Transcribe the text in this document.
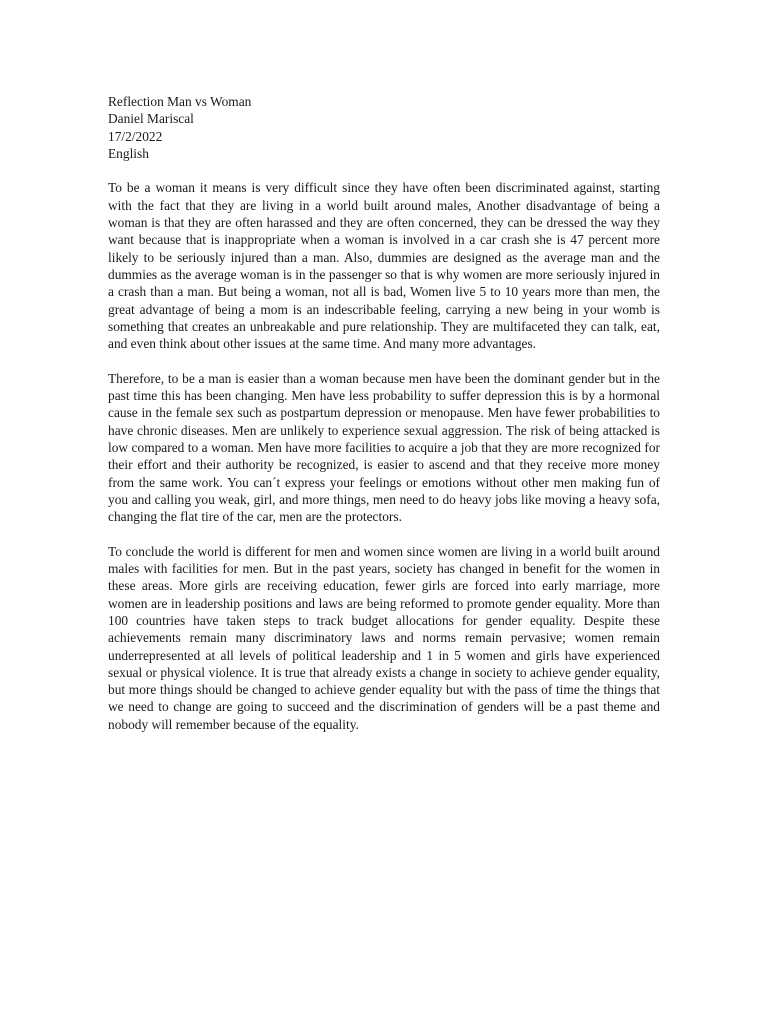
Reflection Man vs Woman
Daniel Mariscal
17/2/2022
English

To be a woman it means is very difficult since they have often been discriminated against, starting with the fact that they are living in a world built around males, Another disadvantage of being a woman is that they are often harassed and they are often concerned, they can be dressed the way they want because that is inappropriate when a woman is involved in a car crash she is 47 percent more likely to be seriously injured than a man. Also, dummies are designed as the average man and the dummies as the average woman is in the passenger so that is why women are more seriously injured in a crash than a man. But being a woman, not all is bad, Women live 5 to 10 years more than men, the great advantage of being a mom is an indescribable feeling, carrying a new being in your womb is something that creates an unbreakable and pure relationship. They are multifaceted they can talk, eat, and even think about other issues at the same time. And many more advantages.

Therefore, to be a man is easier than a woman because men have been the dominant gender but in the past time this has been changing. Men have less probability to suffer depression this is by a hormonal cause in the female sex such as postpartum depression or menopause. Men have fewer probabilities to have chronic diseases. Men are unlikely to experience sexual aggression. The risk of being attacked is low compared to a woman. Men have more facilities to acquire a job that they are more recognized for their effort and their authority be recognized, is easier to ascend and that they receive more money from the same work. You can´t express your feelings or emotions without other men making fun of you and calling you weak, girl, and more things, men need to do heavy jobs like moving a heavy sofa, changing the flat tire of the car, men are the protectors.

To conclude the world is different for men and women since women are living in a world built around males with facilities for men. But in the past years, society has changed in benefit for the women in these areas. More girls are receiving education, fewer girls are forced into early marriage, more women are in leadership positions and laws are being reformed to promote gender equality. More than 100 countries have taken steps to track budget allocations for gender equality. Despite these achievements remain many discriminatory laws and norms remain pervasive; women remain underrepresented at all levels of political leadership and 1 in 5 women and girls have experienced sexual or physical violence. It is true that already exists a change in society to achieve gender equality, but more things should be changed to achieve gender equality but with the pass of time the things that we need to change are going to succeed and the discrimination of genders will be a past theme and nobody will remember because of the equality.
